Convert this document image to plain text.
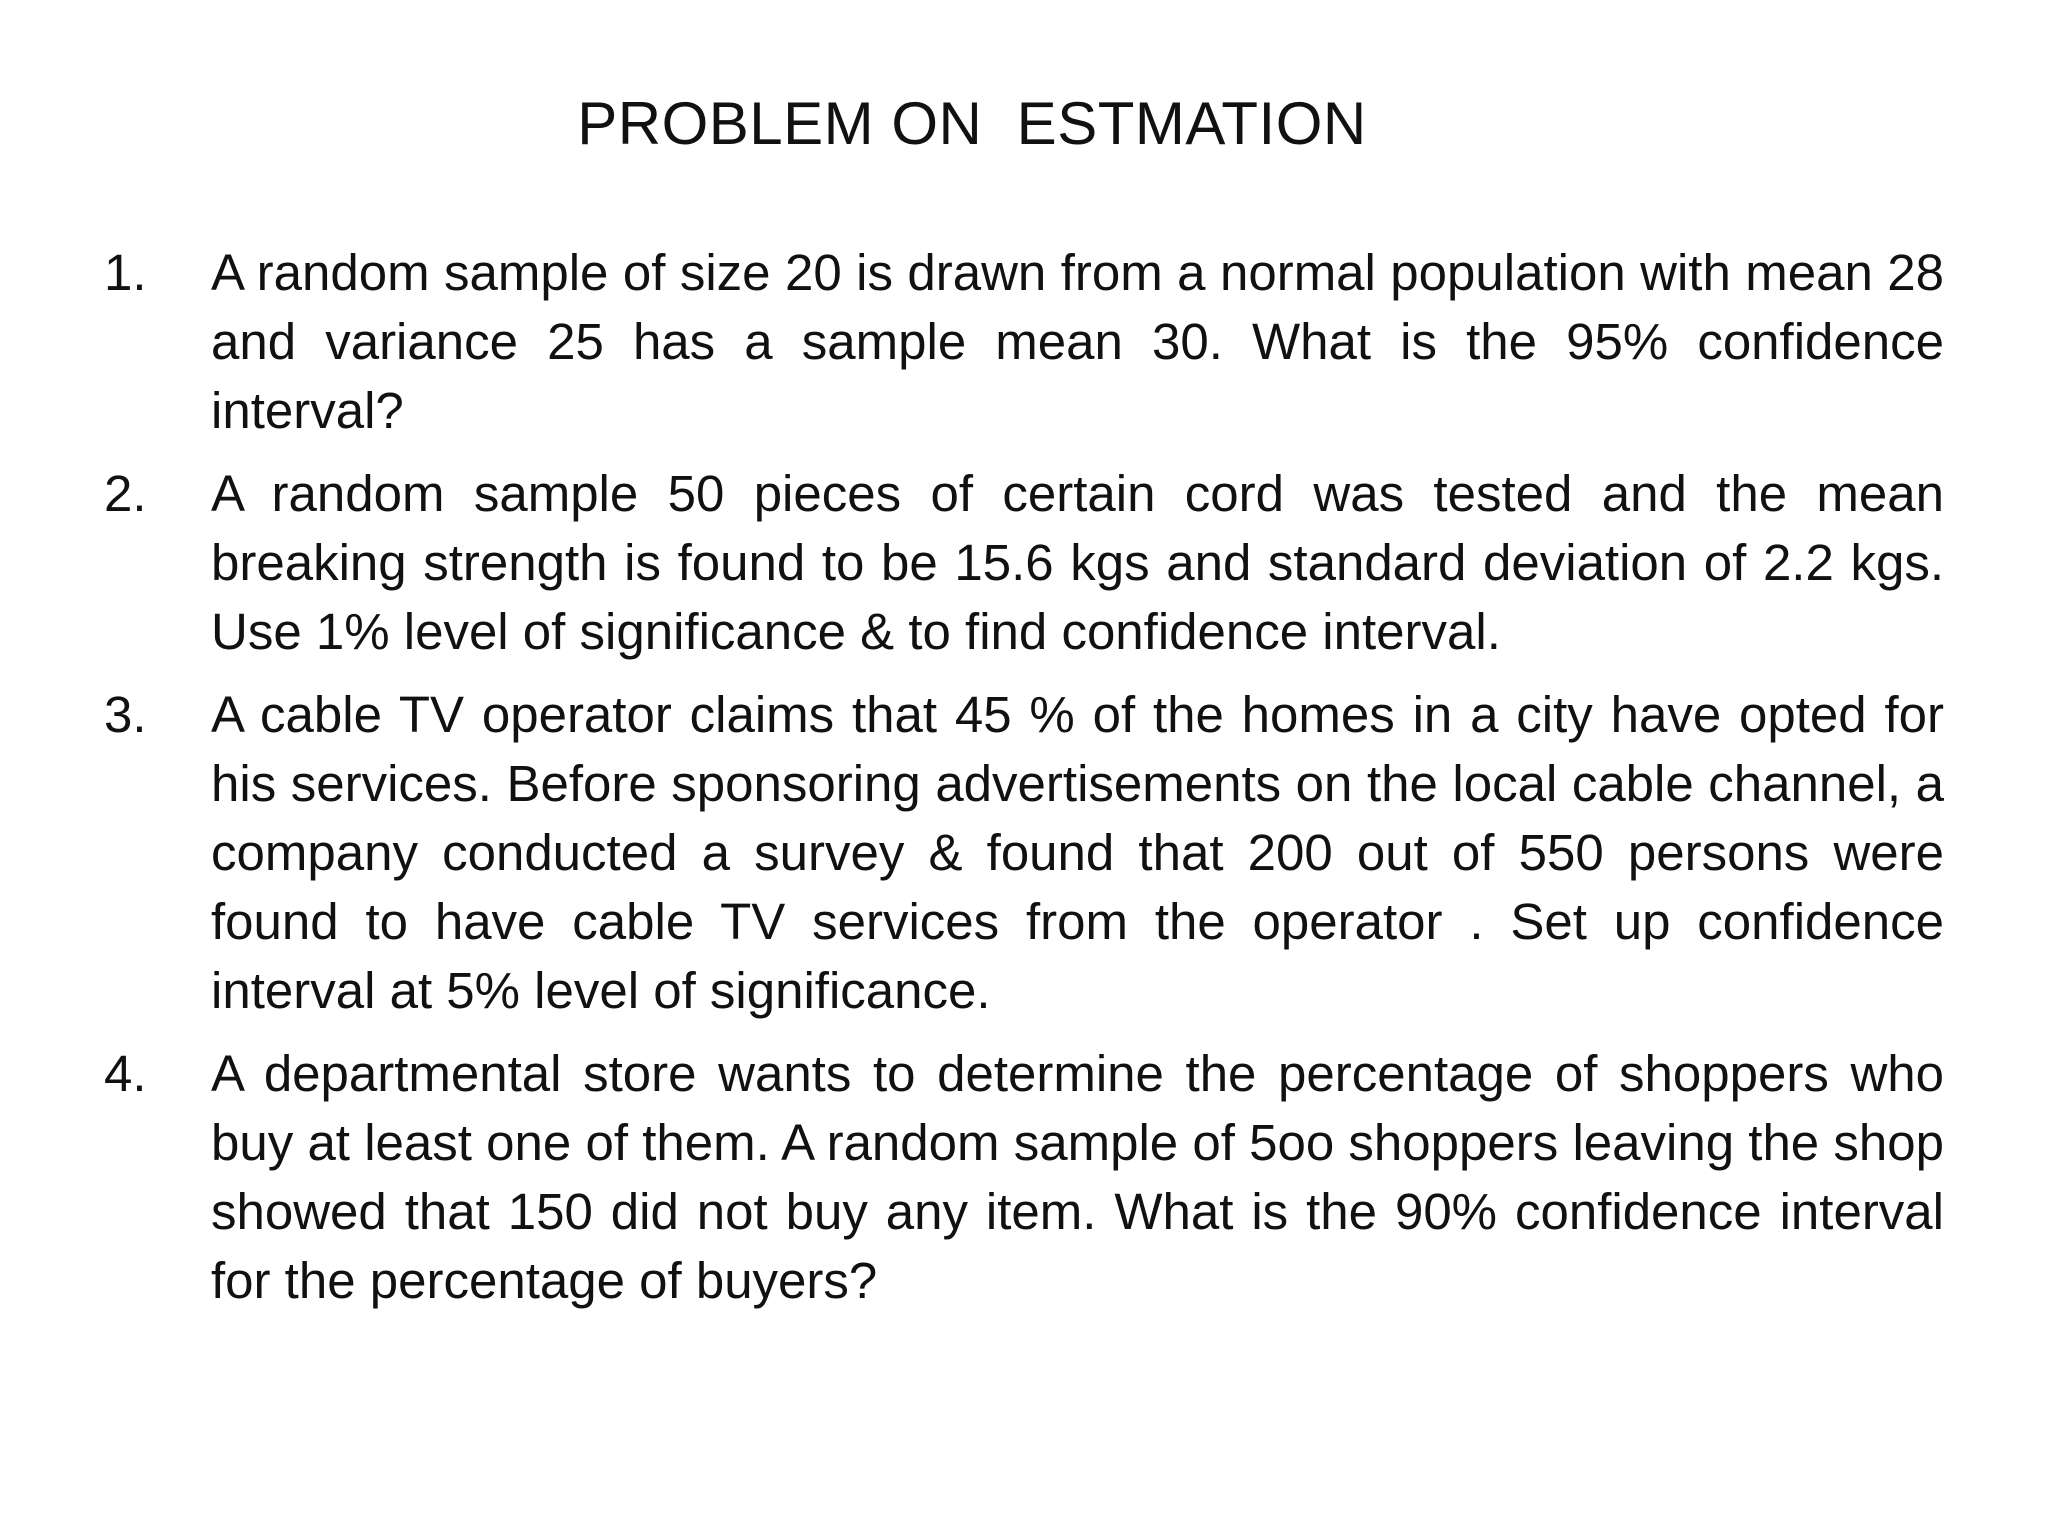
PROBLEM ON  ESTMATION
1. A random sample of size 20 is drawn from a normal population with mean 28 and variance 25 has a sample mean 30. What is the 95% confidence interval?
2. A random sample 50 pieces of certain cord was tested and the mean breaking strength is found to be 15.6 kgs and standard deviation of 2.2 kgs. Use 1% level of significance & to find confidence interval.
3. A cable TV operator claims that 45 % of the homes in a city have opted for his services. Before sponsoring advertisements on the local cable channel, a company conducted a survey & found that 200 out of 550 persons were found to have cable TV services from the operator . Set up confidence interval at 5% level of significance.
4. A departmental store wants to determine the percentage of shoppers who buy at least one of them. A random sample of 5oo shoppers leaving the shop showed that 150 did not buy any item. What is the 90% confidence interval for the percentage of buyers?
